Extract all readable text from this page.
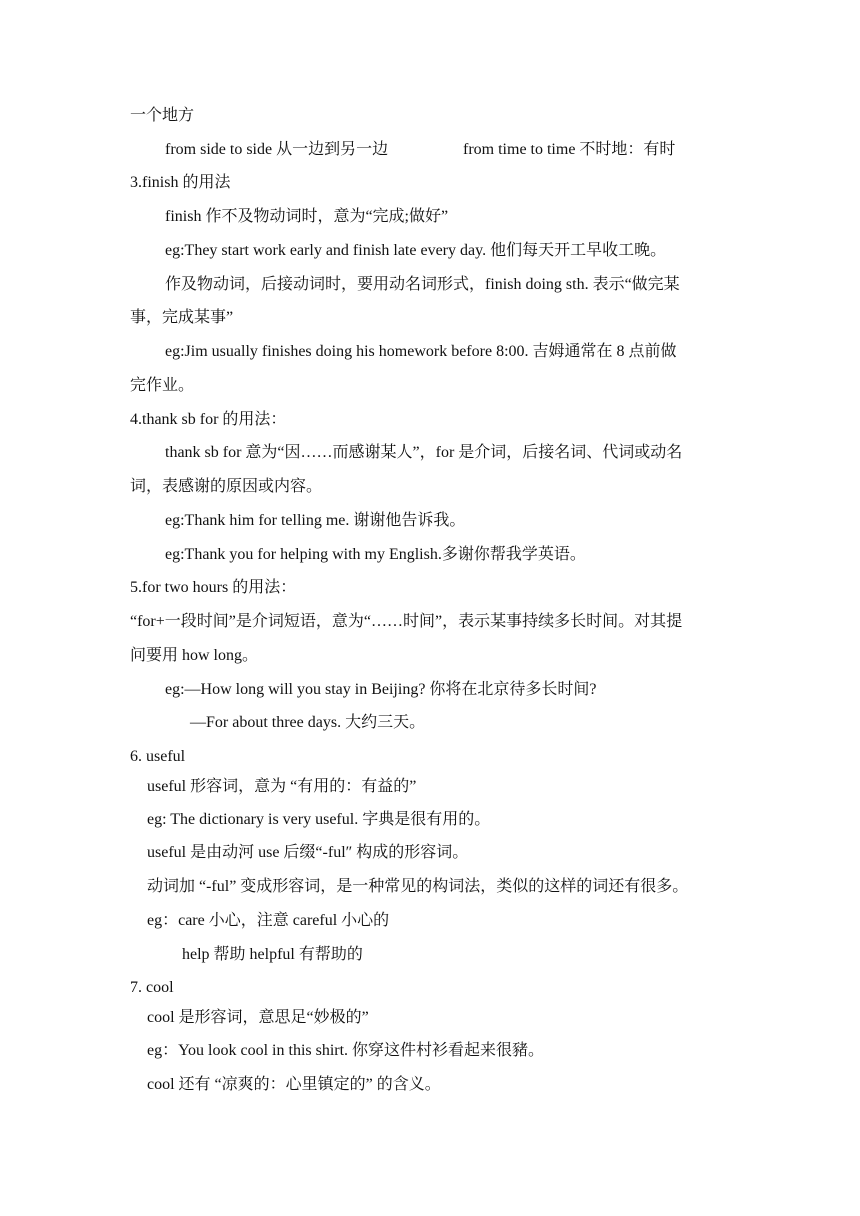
一个地方
from side to side 从一边到另一边	from time to time 不时地：有时
3.finish 的用法
finish 作不及物动词时，意为“完成;做好”
eg:They start work early and finish late every day. 他们每天开工早收工晚。
作及物动词，后接动词时，要用动名词形式，finish doing sth. 表示“做完某
事，完成某事”
eg:Jim usually finishes doing his homework before 8:00. 吉姆通常在 8 点前做
完作业。
4.thank sb for 的用法：
thank sb for 意为“因……而感谢某人”，for 是介词，后接名词、代词或动名
词，表感谢的原因或内容。
eg:Thank him for telling me. 谢谢他告诉我。
eg:Thank you for helping with my English.多谢你帮我学英语。
5.for two hours 的用法：
“for+一段时间”是介词短语，意为“……时间”，表示某事持续多长时间。对其提
问要用 how long。
eg:—How long will you stay in Beijing? 你将在北京待多长时间?
—For about three days. 大约三天。
6. useful
useful 形容词，意为 “有用的：有益的”
eg: The dictionary is very useful. 字典是很有用的。
useful 是由动河 use 后缀“-ful″ 构成的形容词。
动词加 “-ful” 变成形容词，是一种常见的构词法，类似的这样的词还有很多。
eg：care 小心，注意 careful 小心的
help 帮助 helpful 有帮助的
7. cool
cool 是形容词，意思足“妙极的”
eg：You look cool in this shirt. 你穿这件村衫看起来很豬。
cool 还有 “凉爽的：心里镇定的” 的含义。
